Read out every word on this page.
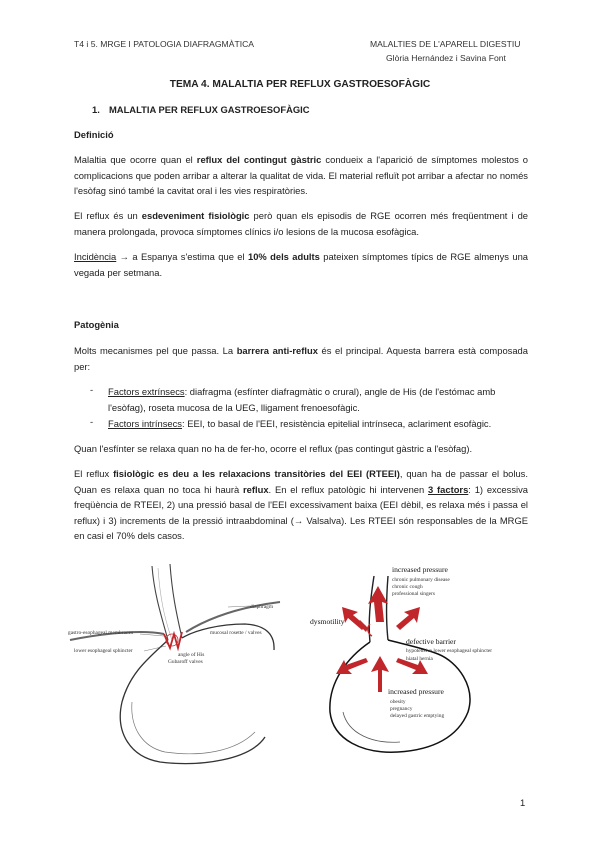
T4 i 5. MRGE I PATOLOGIA DIAFRAGMÀTICA	MALALTIES DE L'APARELL DIGESTIU
Glòria Hernández i Savina Font
TEMA 4. MALALTIA PER REFLUX GASTROESOFÀGIC
1. MALALTIA PER REFLUX GASTROESOFÀGIC
Definició

Malaltia que ocorre quan el reflux del contingut gàstric condueix a l'aparició de símptomes molestos o complicacions que poden arribar a alterar la qualitat de vida. El material refluït pot arribar a afectar no només l'esòfag sinó també la cavitat oral i les vies respiratòries.

El reflux és un esdeveniment fisiològic però quan els episodis de RGE ocorren més freqüentment i de manera prolongada, provoca símptomes clínics i/o lesions de la mucosa esofàgica.

Incidència → a Espanya s'estima que el 10% dels adults pateixen símptomes típics de RGE almenys una vegada per setmana.

Patogènia

Molts mecanismes pel que passa. La barrera anti-reflux és el principal. Aquesta barrera està composada per:

- Factors extrínsecs: diafragma (esfínter diafragmàtic o crural), angle de His (de l'estómac amb l'esòfag), roseta mucosa de la UEG, lligament frenoesofàgic.

- Factors intrínsecs: EEI, to basal de l'EEI, resistència epitelial intrínseca, aclariment esofàgic.

Quan l'esfínter se relaxa quan no ha de fer-ho, ocorre el reflux (pas contingut gàstric a l'esòfag).

El reflux fisiològic es deu a les relaxacions transitòries del EEI (RTEEI), quan ha de passar el bolus. Quan es relaxa quan no toca hi haurà reflux. En el reflux patològic hi intervenen 3 factors: 1) excessiva freqüència de RTEEI, 2) una pressió basal de l'EEI excessivament baixa (EEI dèbil, es relaxa més i passa el reflux) i 3) increments de la pressió intraabdominal (→ Valsalva). Les RTEEI són responsables de la MRGE en casi el 70% dels casos.

diaphragm
gastro-esophageal membranes
lower esophageal sphincter
mucosal rosette / valves
angle of His
Gubaroff valves
increased pressure
chronic pulmonary disease
chronic cough
professional singers
dysmotility
defective barrier
hypotensive lower esophageal sphincter
hiatal hernia
increased pressure
obesity
pregnancy
delayed gastric emptying
1
